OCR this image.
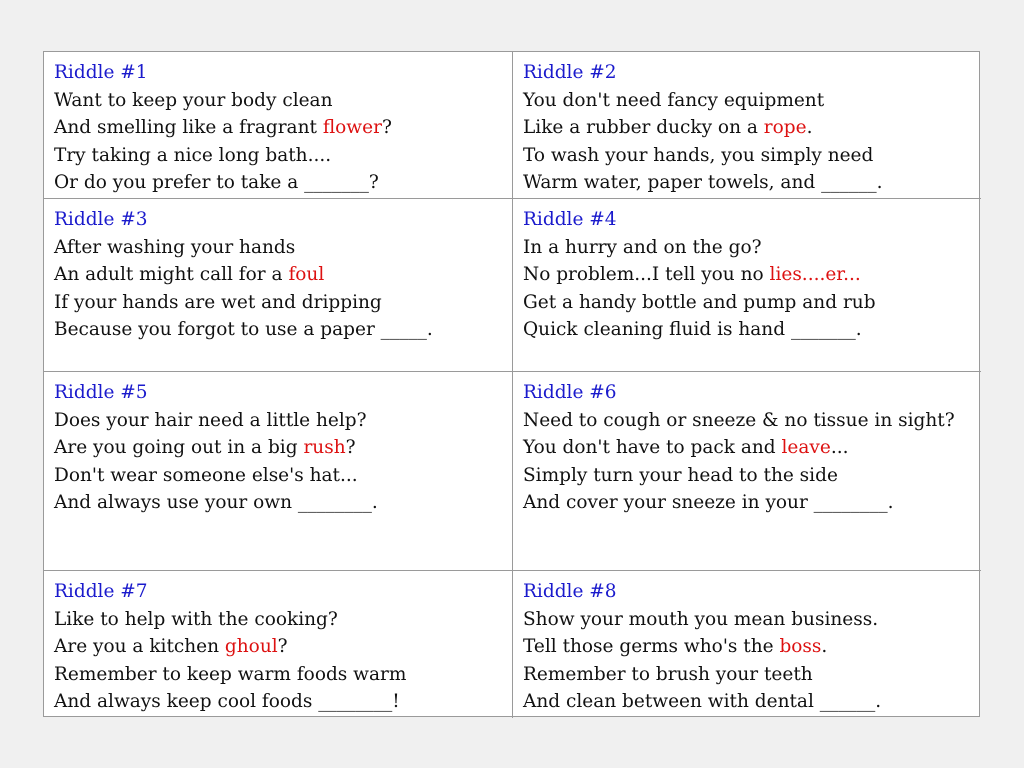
Riddle #1
Want to keep your body clean
And smelling like a fragrant flower?
Try taking a nice long bath....
Or do you prefer to take a _______?
Riddle #2
You don't need fancy equipment
Like a rubber ducky on a rope.
To wash your hands, you simply need
Warm water, paper towels, and ______.
Riddle #3
After washing your hands
An adult might call for a foul
If your hands are wet and dripping
Because you forgot to use a paper _____.
Riddle #4
In a hurry and on the go?
No problem...I tell you no lies....er...
Get a handy bottle and pump and rub
Quick cleaning fluid is hand _______.
Riddle #5
Does your hair need a little help?
Are you going out in a big rush?
Don't wear someone else's hat...
And always use your own ________.
Riddle #6
Need to cough or sneeze & no tissue in sight?
You don't have to pack and leave...
Simply turn your head to the side
And cover your sneeze in your ________.
Riddle #7
Like to help with the cooking?
Are you a kitchen ghoul?
Remember to keep warm foods warm
And always keep cool foods ________!
Riddle #8
Show your mouth you mean business.
Tell those germs who's the boss.
Remember to brush your teeth
And clean between with dental ______.
